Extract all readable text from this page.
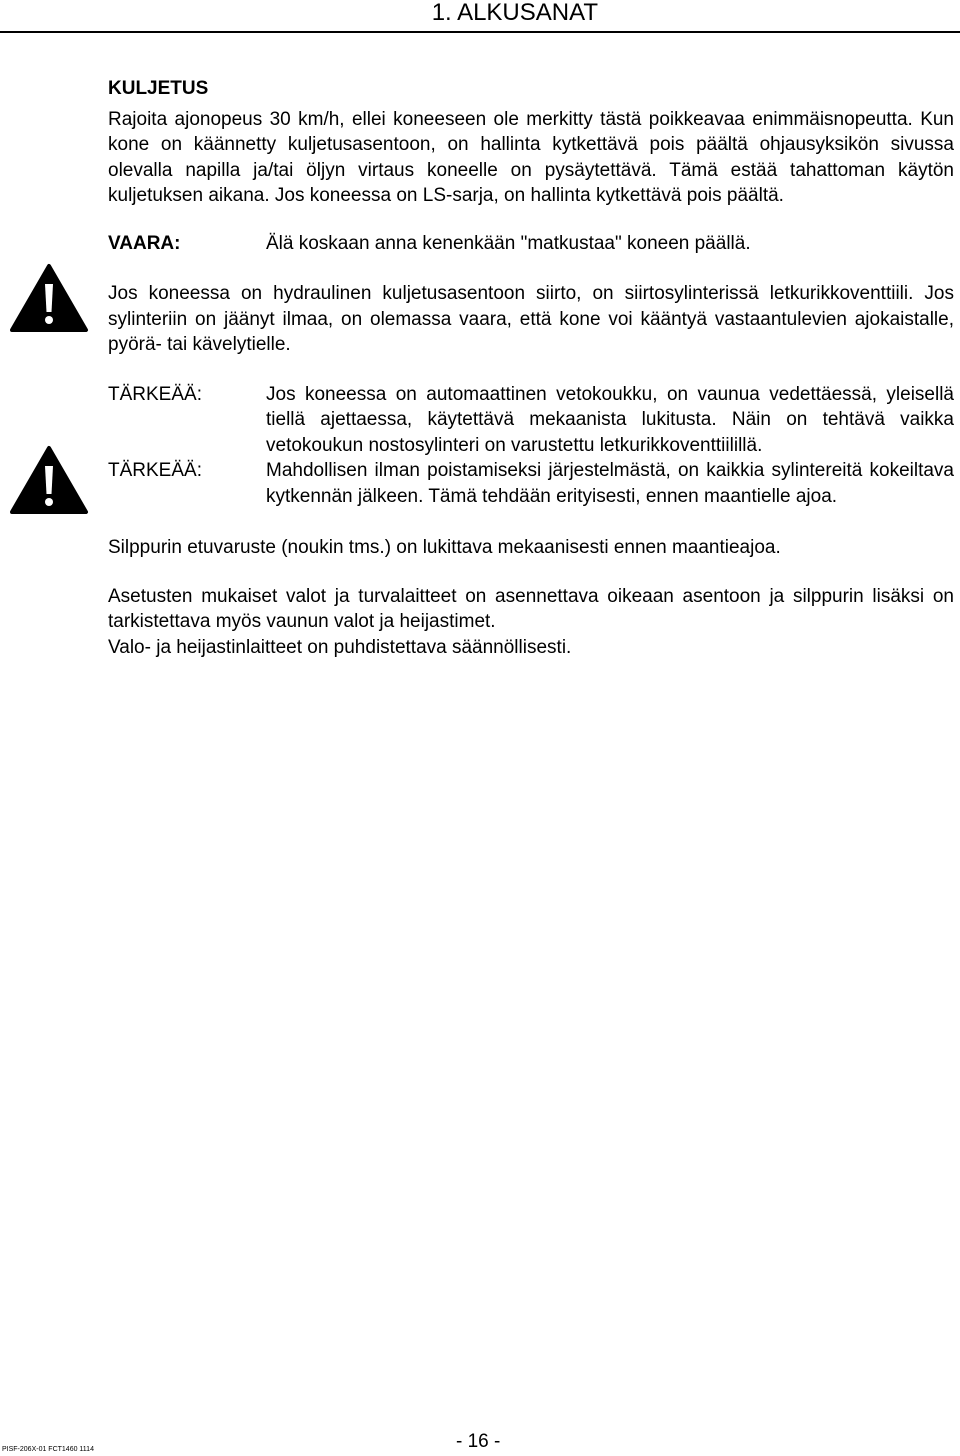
1. ALKUSANAT

KULJETUS

Rajoita ajonopeus 30 km/h, ellei koneeseen ole merkitty tästä poikkeavaa enimmäisnopeutta. Kun kone on käännetty kuljetusasentoon, on hallinta kytkettävä pois päältä ohjausyksikön sivussa olevalla napilla ja/tai öljyn virtaus koneelle on pysäytettävä. Tämä estää tahattoman käytön kuljetuksen aikana. Jos koneessa on LS-sarja, on hallinta kytkettävä pois päältä.

VAARA:	Älä koskaan anna kenenkään "matkustaa" koneen päällä.

Jos koneessa on hydraulinen kuljetusasentoon siirto, on siirtosylinterissä letkurikkoventtiili. Jos sylinteriin on jäänyt ilmaa, on olemassa vaara, että kone voi kääntyä vastaantulevien ajokaistalle, pyörä- tai kävelytielle.

TÄRKEÄÄ:	Jos koneessa on automaattinen vetokoukku, on vaunua vedettäessä, yleisellä tiellä ajettaessa, käytettävä mekaanista lukitusta. Näin on tehtävä vaikka vetokoukun nostosylinteri on varustettu letkurikkoventtiilillä.
TÄRKEÄÄ:	Mahdollisen ilman poistamiseksi järjestelmästä, on kaikkia sylintereitä kokeiltava kytkennän jälkeen. Tämä tehdään erityisesti, ennen maantielle ajoa.

Silppurin etuvaruste (noukin tms.) on lukittava mekaanisesti ennen maantieajoa.

Asetusten mukaiset valot ja turvalaitteet on asennettava oikeaan asentoon ja silppurin lisäksi on tarkistettava myös vaunun valot ja heijastimet.

Valo- ja heijastinlaitteet on puhdistettava säännöllisesti.

PISF-206X-01 FCT1460 1114	- 16 -
